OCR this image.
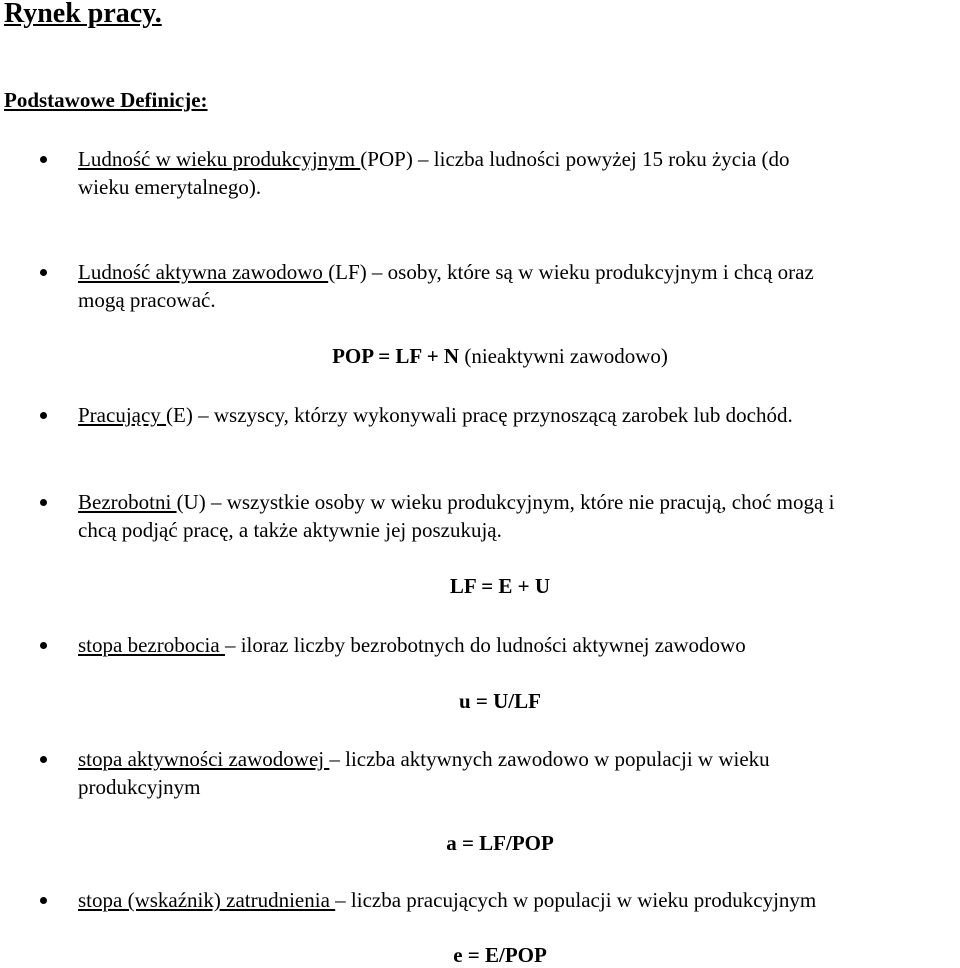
Rynek pracy.
Podstawowe Definicje:
Ludność w wieku produkcyjnym (POP) – liczba ludności powyżej 15 roku życia (do
wieku emerytalnego).
Ludność aktywna zawodowo (LF) – osoby, które są w wieku produkcyjnym i chcą oraz
mogą pracować.
POP = LF + N (nieaktywni zawodowo)
Pracujący (E) – wszyscy, którzy wykonywali pracę przynoszącą zarobek lub dochód.
Bezrobotni (U) – wszystkie osoby w wieku produkcyjnym, które nie pracują, choć mogą i
chcą podjąć pracę, a także aktywnie jej poszukują.
LF = E + U
stopa bezrobocia – iloraz liczby bezrobotnych do ludności aktywnej zawodowo
u = U/LF
stopa aktywności zawodowej – liczba aktywnych zawodowo w populacji w wieku
produkcyjnym
a = LF/POP
stopa (wskaźnik) zatrudnienia – liczba pracujących w populacji w wieku produkcyjnym
e = E/POP
